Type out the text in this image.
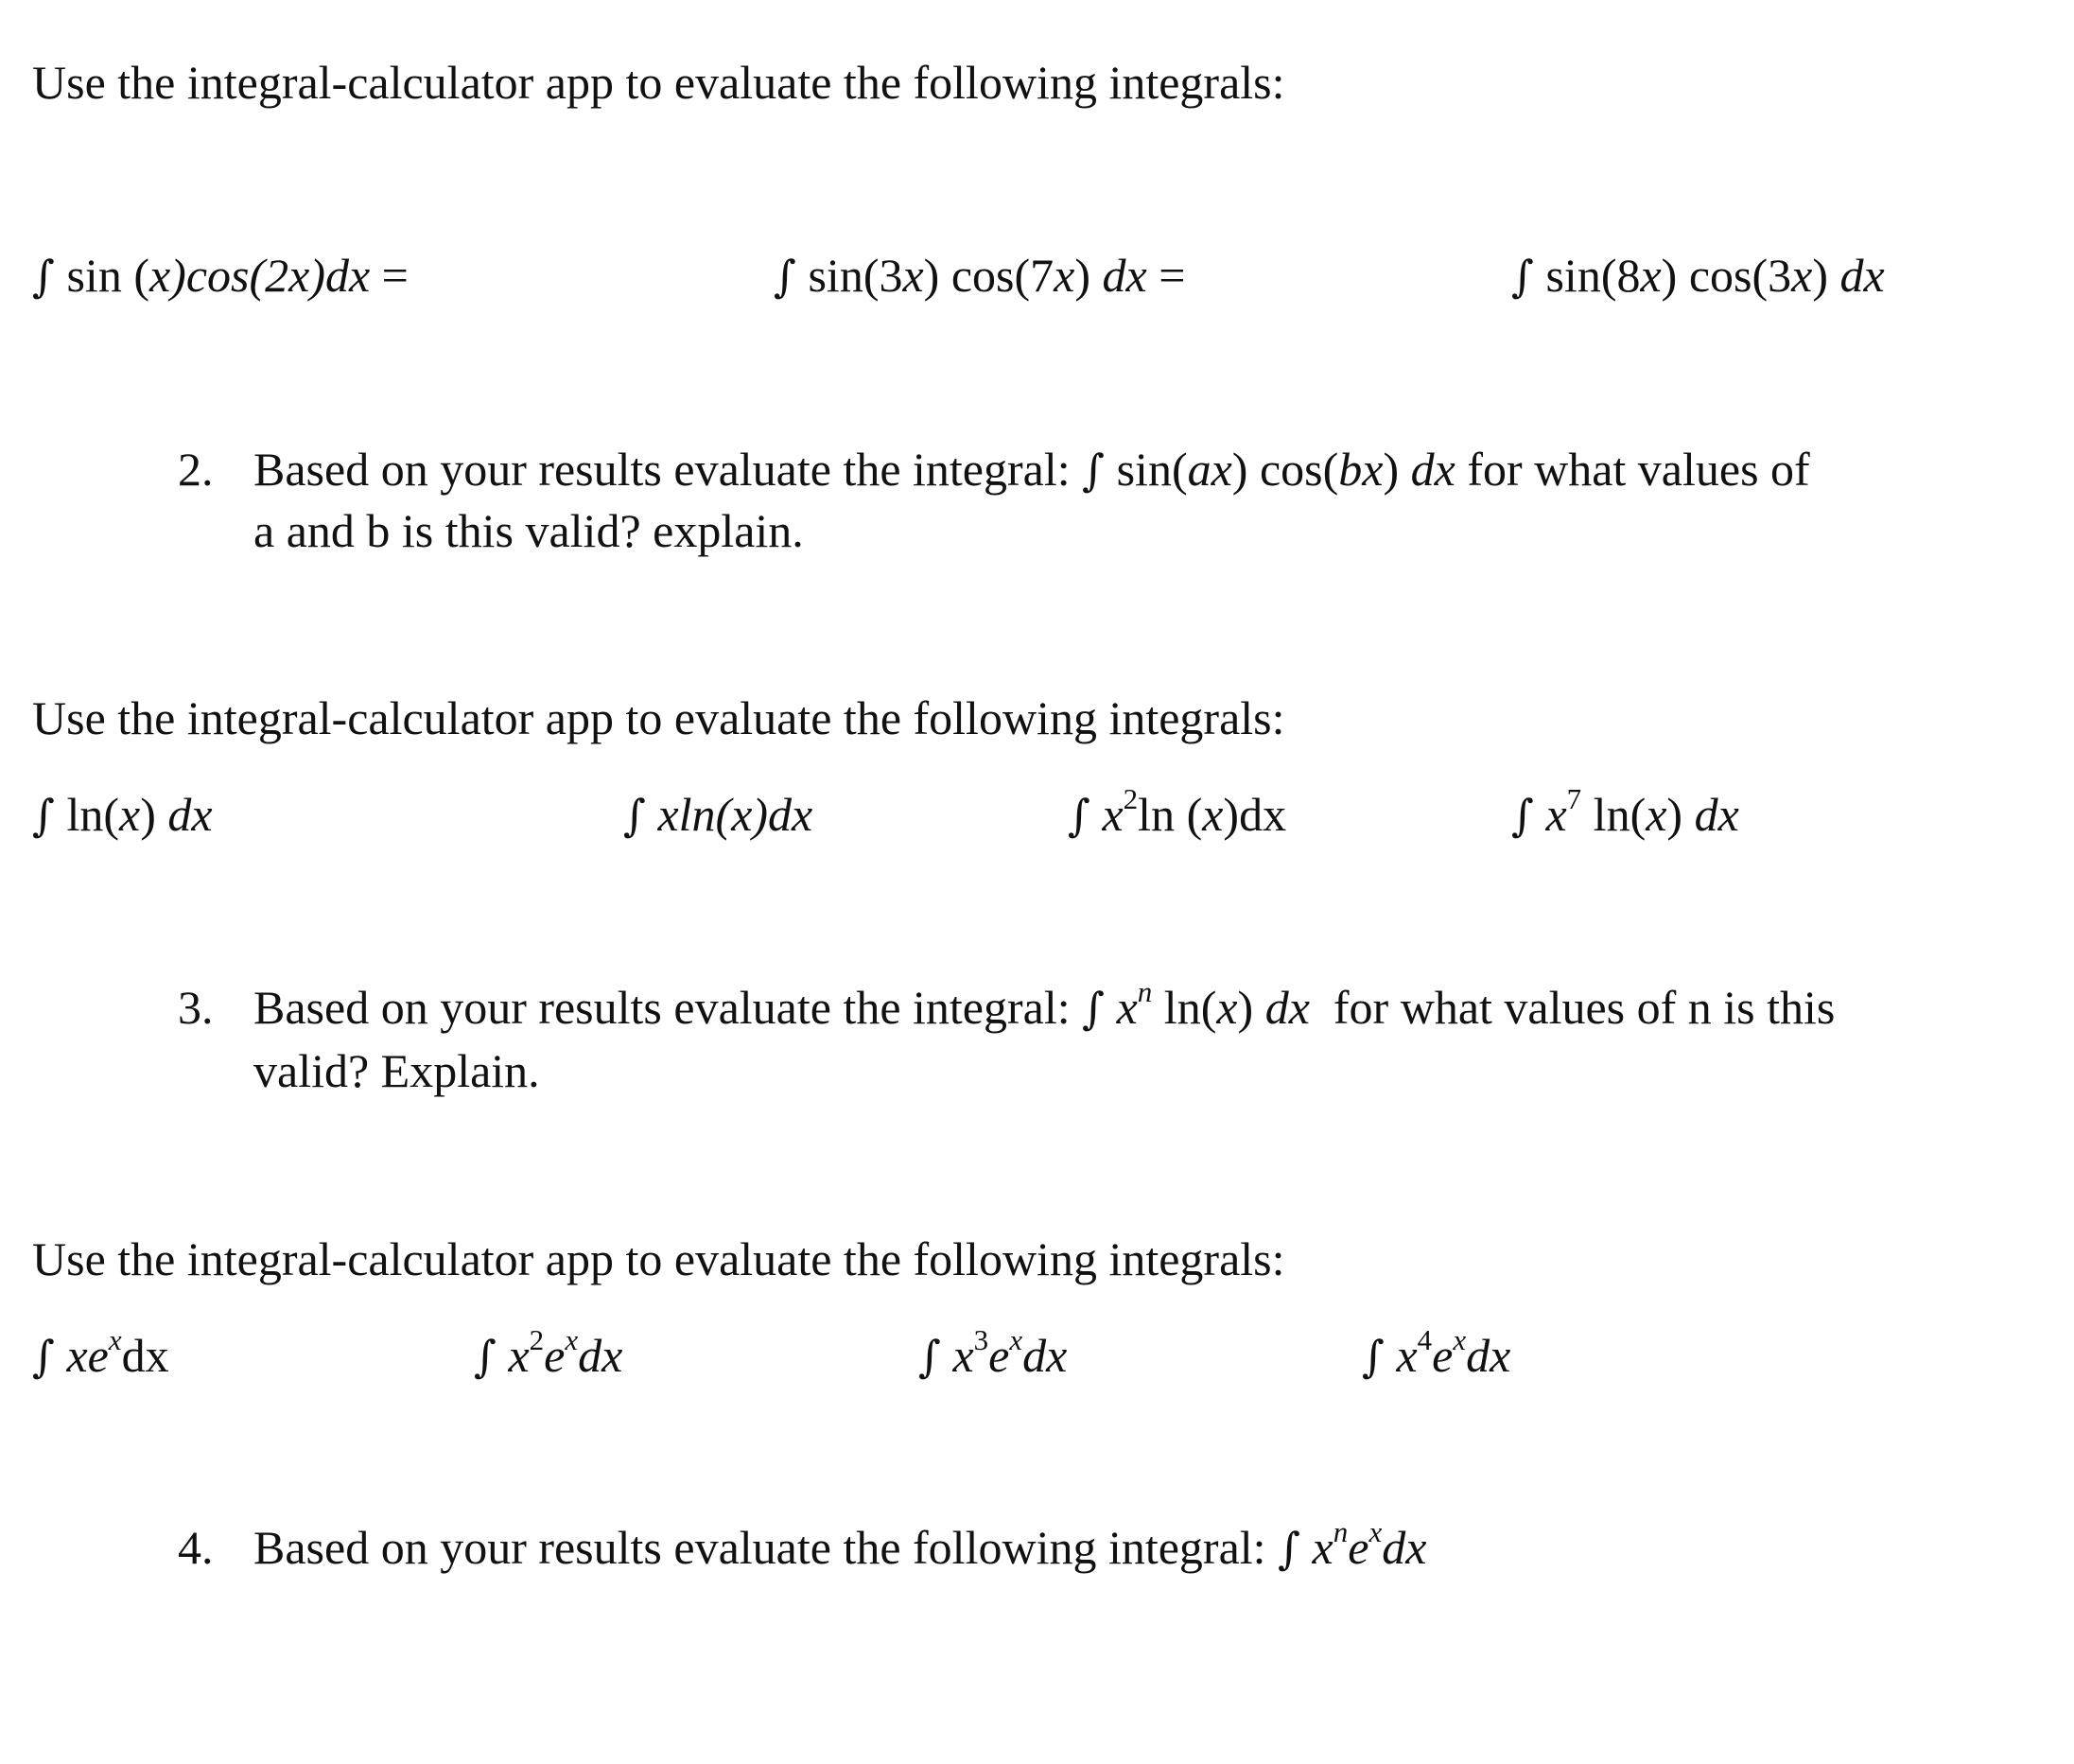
Use the integral-calculator app to evaluate the following integrals:
∫ sin (x)cos(2x)dx =	∫ sin(3x) cos(7x) dx =	∫ sin(8x) cos(3x) dx
2. Based on your results evaluate the integral: ∫ sin(ax) cos(bx) dx for what values of
a and b is this valid? explain.
Use the integral-calculator app to evaluate the following integrals:
∫ ln(x) dx	∫ xln(x)dx	∫ $x^2\ln$ (x)dx	∫ $x^7$ ln(x) dx
3. Based on your results evaluate the integral: ∫ $x^n$ ln(x) dx for what values of n is this
valid? Explain.
Use the integral-calculator app to evaluate the following integrals:
∫ $xe^xdx$	∫ $x^2e^xdx$	∫ $x^3e^xdx$	∫ $x^4e^xdx$
4. Based on your results evaluate the following integral: ∫ $x^ne^xdx$
